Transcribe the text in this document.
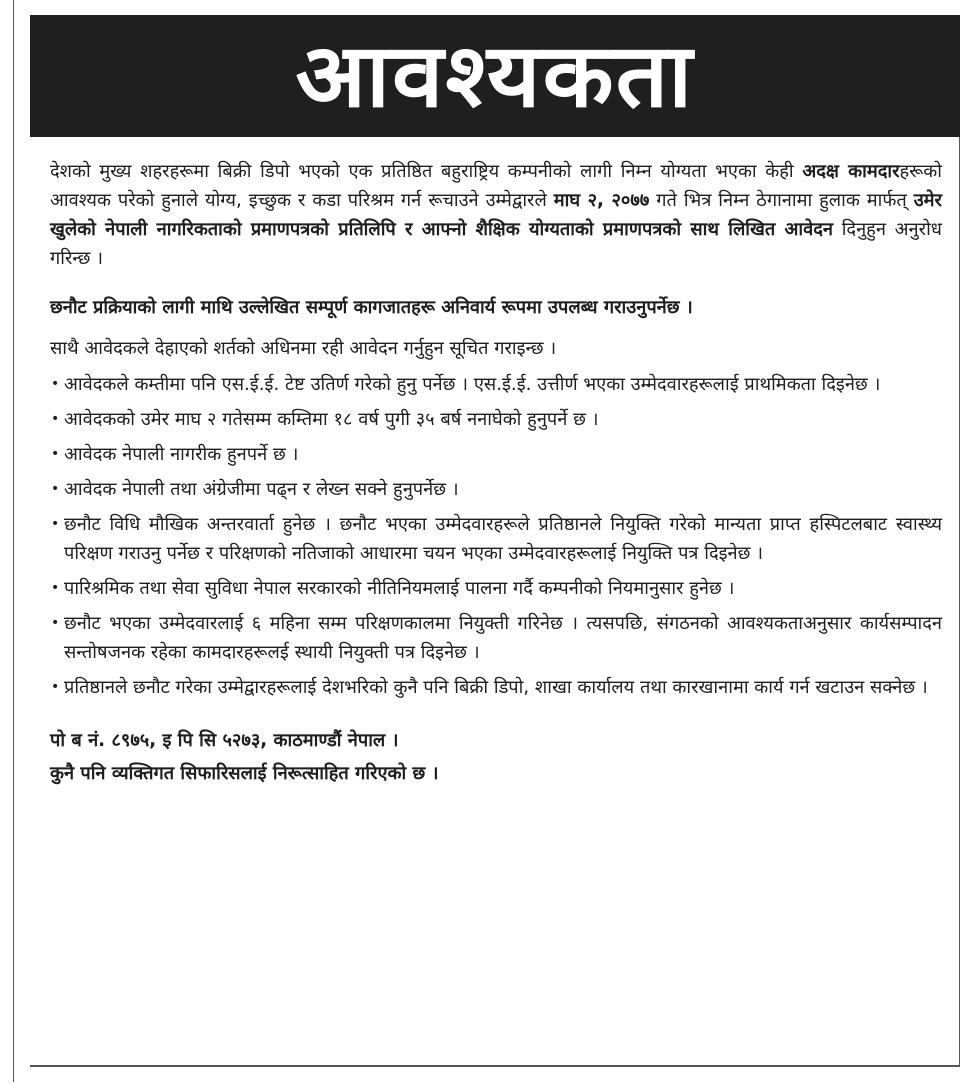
आवश्यकता

देशको मुख्य शहरहरूमा बिक्री डिपो भएको एक प्रतिष्ठित बहुराष्ट्रिय कम्पनीको लागी निम्न योग्यता भएका केही अदक्ष कामदारहरूको आवश्यक परेको हुनाले योग्य, इच्छुक र कडा परिश्रम गर्न रूचाउने उम्मेद्वारले माघ २, २०७७ गते भित्र निम्न ठेगानामा हुलाक मार्फत् उमेर खुलेको नेपाली नागरिकताको प्रमाणपत्रको प्रतिलिपि र आफ्नो शैक्षिक योग्यताको प्रमाणपत्रको साथ लिखित आवेदन दिनुहुन अनुरोध गरिन्छ ।

छनौट प्रक्रियाको लागी माथि उल्लेखित सम्पूर्ण कागजातहरू अनिवार्य रूपमा उपलब्ध गराउनुपर्नेछ ।

साथै आवेदकले देहाएको शर्तको अधिनमा रही आवेदन गर्नुहुन सूचित गराइन्छ ।

• आवेदकले कम्तीमा पनि एस.ई.ई. टेष्ट उतिर्ण गरेको हुनु पर्नेछ । एस.ई.ई. उत्तीर्ण भएका उम्मेदवारहरूलाई प्राथमिकता दिइनेछ ।
• आवेदकको उमेर माघ २ गतेसम्म कम्तिमा १८ वर्ष पुगी ३५ बर्ष ननाघेको हुनुपर्ने छ ।
• आवेदक नेपाली नागरीक हुनपर्ने छ ।
• आवेदक नेपाली तथा अंग्रेजीमा पढ्न र लेख्न सक्ने हुनुपर्नेछ ।
• छनौट विधि मौखिक अन्तरवार्ता हुनेछ । छनौट भएका उम्मेदवारहरूले प्रतिष्ठानले नियुक्ति गरेको मान्यता प्राप्त हस्पिटलबाट स्वास्थ्य परिक्षण गराउनु पर्नेछ र परिक्षणको नतिजाको आधारमा चयन भएका उम्मेदवारहरूलाई नियुक्ति पत्र दिइनेछ ।
• पारिश्रमिक तथा सेवा सुविधा नेपाल सरकारको नीतिनियमलाई पालना गर्दै कम्पनीको नियमानुसार हुनेछ ।
• छनौट भएका उम्मेदवारलाई ६ महिना सम्म परिक्षणकालमा नियुक्ती गरिनेछ । त्यसपछि, संगठनको आवश्यकताअनुसार कार्यसम्पादन सन्तोषजनक रहेका कामदारहरूलई स्थायी नियुक्ती पत्र दिइनेछ ।
• प्रतिष्ठानले छनौट गरेका उम्मेद्वारहरूलाई देशभरिको कुनै पनि बिक्री डिपो, शाखा कार्यालय तथा कारखानामा कार्य गर्न खटाउन सक्नेछ ।

पो ब नं. ८९७५, इ पि सि ५२७३, काठमाण्डौं नेपाल ।

कुनै पनि व्यक्तिगत सिफारिसलाई निरूत्साहित गरिएको छ ।
